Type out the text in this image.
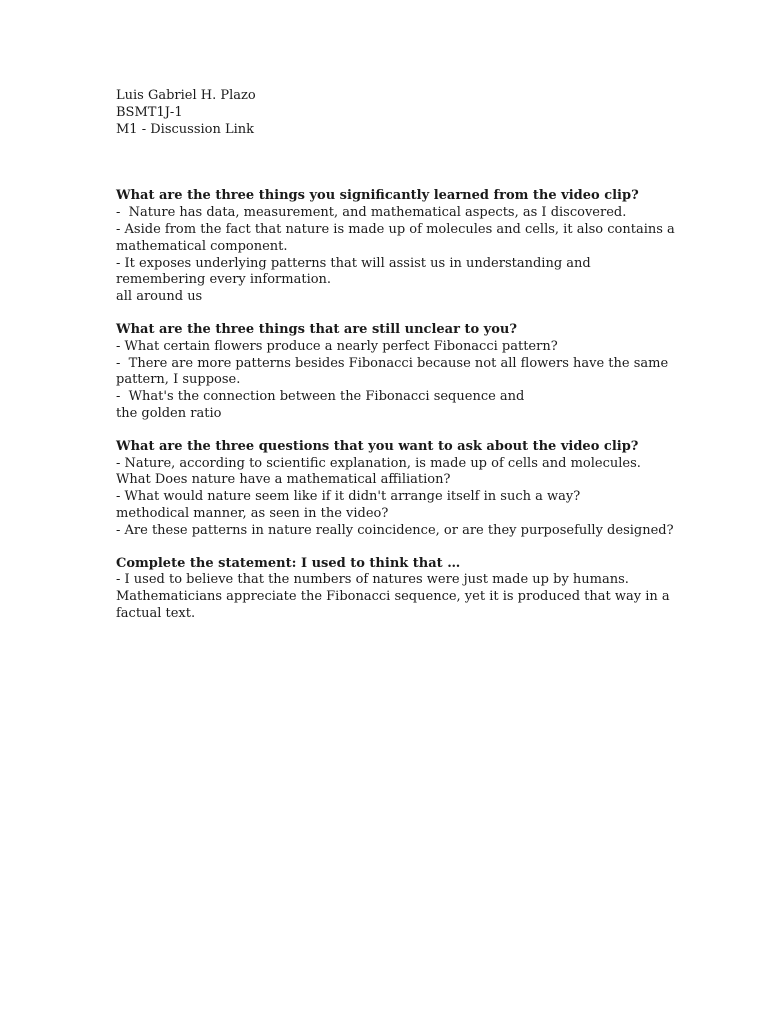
Luis Gabriel H. Plazo
BSMT1J-1
M1 - Discussion Link
What are the three things you significantly learned from the video clip?
-  Nature has data, measurement, and mathematical aspects, as I discovered.
- Aside from the fact that nature is made up of molecules and cells, it also contains a mathematical component.
- It exposes underlying patterns that will assist us in understanding and remembering every information.
all around us
What are the three things that are still unclear to you?
- What certain flowers produce a nearly perfect Fibonacci pattern?
-  There are more patterns besides Fibonacci because not all flowers have the same pattern, I suppose.
-  What's the connection between the Fibonacci sequence and
the golden ratio
What are the three questions that you want to ask about the video clip?
- Nature, according to scientific explanation, is made up of cells and molecules.
What Does nature have a mathematical affiliation?
- What would nature seem like if it didn't arrange itself in such a way?
methodical manner, as seen in the video?
- Are these patterns in nature really coincidence, or are they purposefully designed?
Complete the statement: I used to think that …
- I used to believe that the numbers of natures were just made up by humans.
Mathematicians appreciate the Fibonacci sequence, yet it is produced that way in a factual text.
